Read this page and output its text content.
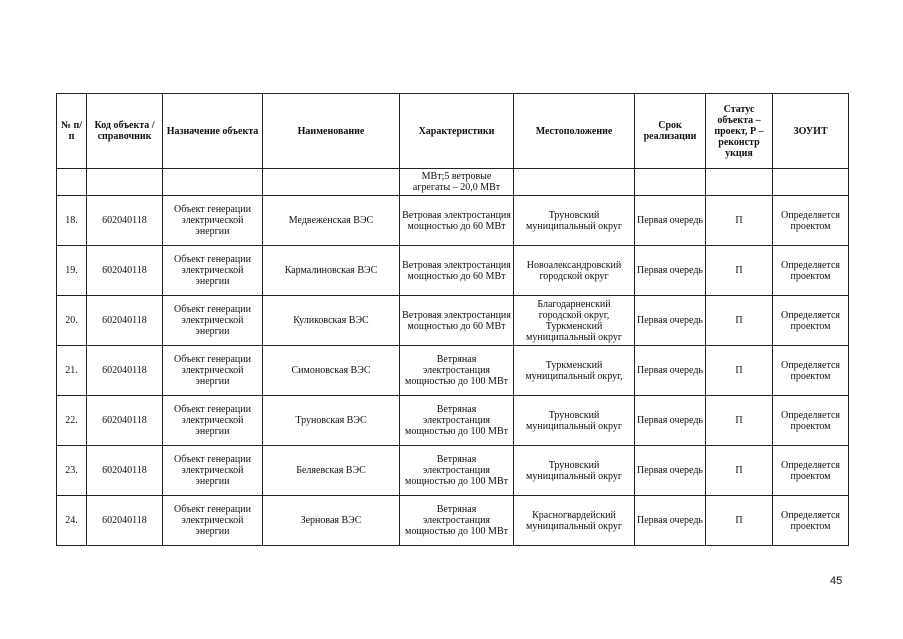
№ п/п	Код объекта / справочник	Назначение объекта	Наименование	Характеристики	Местоположение	Срок реализации	Статус объекта – проект, Р – реконстр укция	ЗОУИТ
				МВт;5 ветровые агрегаты – 20,0 МВт				
18.	602040118	Объект генерации электрической энергии	Медвеженская ВЭС	Ветровая электростанция мощностью до 60 МВт	Труновский муниципальный округ	Первая очередь	П	Определяется проектом
19.	602040118	Объект генерации электрической энергии	Кармалиновская ВЭС	Ветровая электростанция мощностью до 60 МВт	Новоалександровский городской округ	Первая очередь	П	Определяется проектом
20.	602040118	Объект генерации электрической энергии	Куликовская ВЭС	Ветровая электростанция мощностью до 60 МВт	Благодарненский городской округ, Туркменский муниципальный округ	Первая очередь	П	Определяется проектом
21.	602040118	Объект генерации электрической энергии	Симоновская ВЭС	Ветряная электростанция мощностью до 100 МВт	Туркменский муниципальный округ,	Первая очередь	П	Определяется проектом
22.	602040118	Объект генерации электрической энергии	Труновская ВЭС	Ветряная электростанция мощностью до 100 МВт	Труновский муниципальный округ	Первая очередь	П	Определяется проектом
23.	602040118	Объект генерации электрической энергии	Беляевская ВЭС	Ветряная электростанция мощностью до 100 МВт	Труновский муниципальный округ	Первая очередь	П	Определяется проектом
24.	602040118	Объект генерации электрической энергии	Зерновая ВЭС	Ветряная электростанция мощностью до 100 МВт	Красногвардейский муниципальный округ	Первая очередь	П	Определяется проектом
45
